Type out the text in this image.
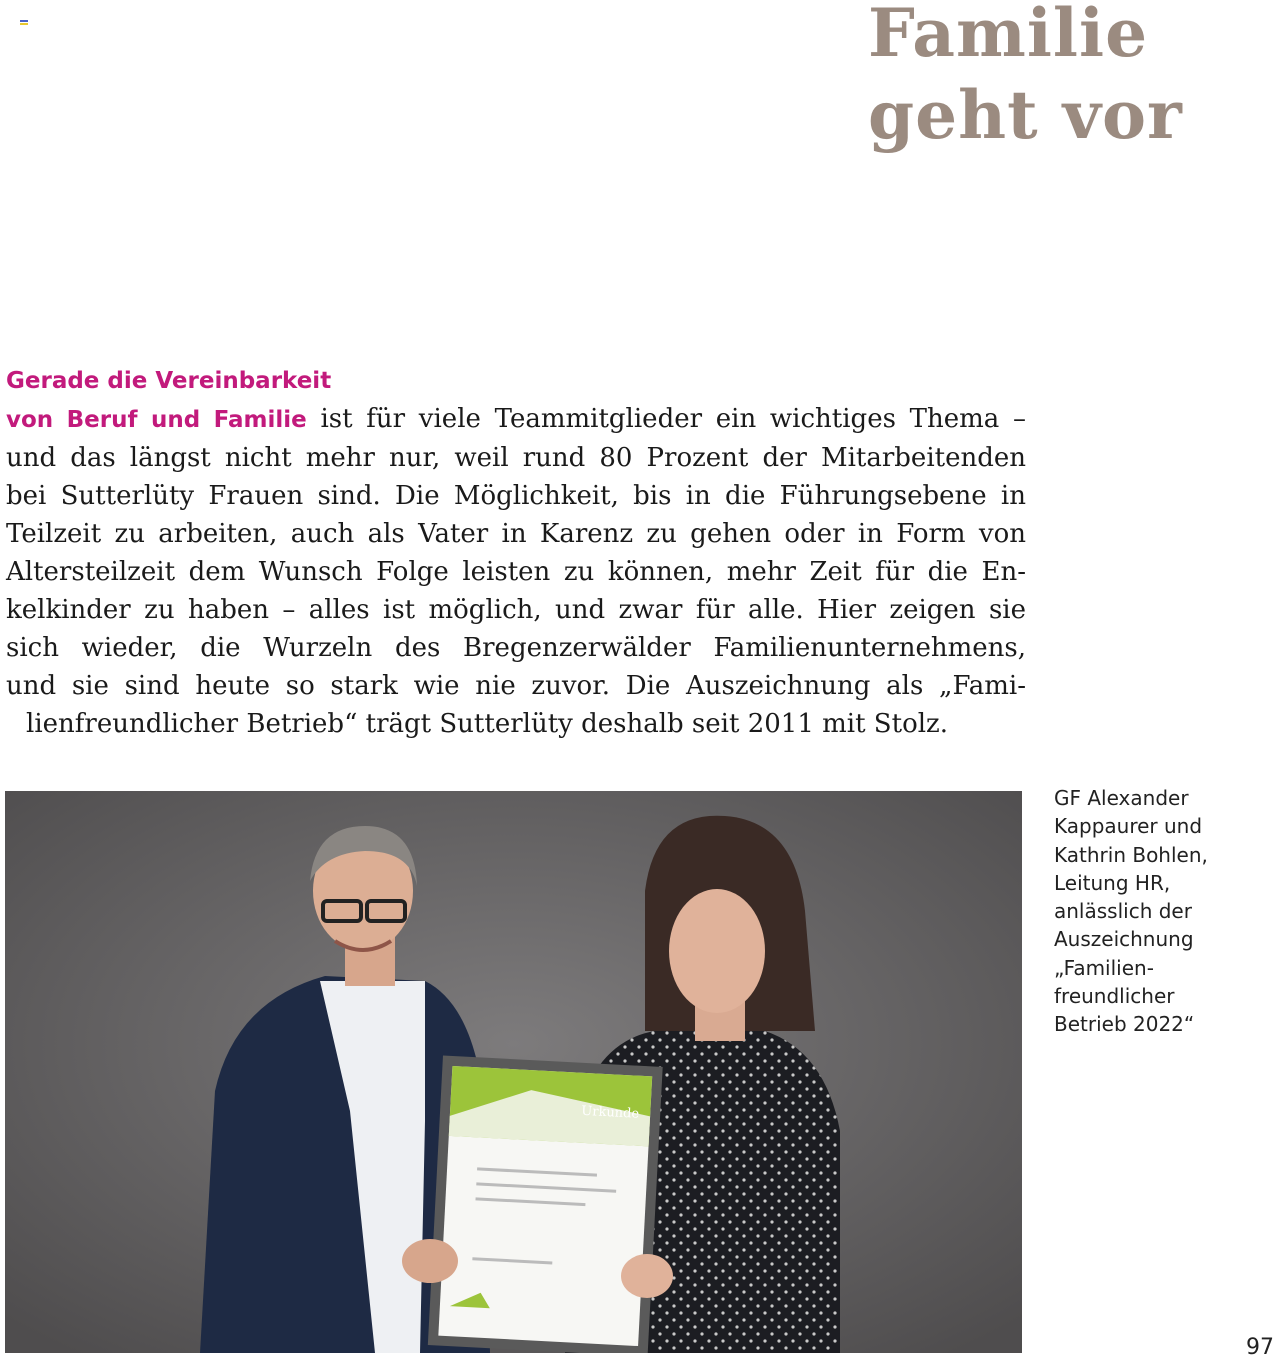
Familie
geht vor
Gerade die Vereinbarkeit
von Beruf und Familie ist für viele Teammitglieder ein wichtiges Thema –
und das längst nicht mehr nur, weil rund 80 Prozent der Mitarbeitenden
bei Sutterlüty Frauen sind. Die Möglichkeit, bis in die Führungsebene in
Teilzeit zu arbeiten, auch als Vater in Karenz zu gehen oder in Form von
Altersteilzeit dem Wunsch Folge leisten zu können, mehr Zeit für die En-
kelkinder zu haben – alles ist möglich, und zwar für alle. Hier zeigen sie
sich wieder, die Wurzeln des Bregenzerwälder Familienunternehmens,
und sie sind heute so stark wie nie zuvor. Die Auszeichnung als „Fami-
lienfreundlicher Betrieb“ trägt Sutterlüty deshalb seit 2011 mit Stolz.
Urkunde
GF Alexander
Kappaurer und
Kathrin Bohlen,
Leitung HR,
anlässlich der
Auszeichnung
„Familien-
freundlicher
Betrieb 2022“
97
